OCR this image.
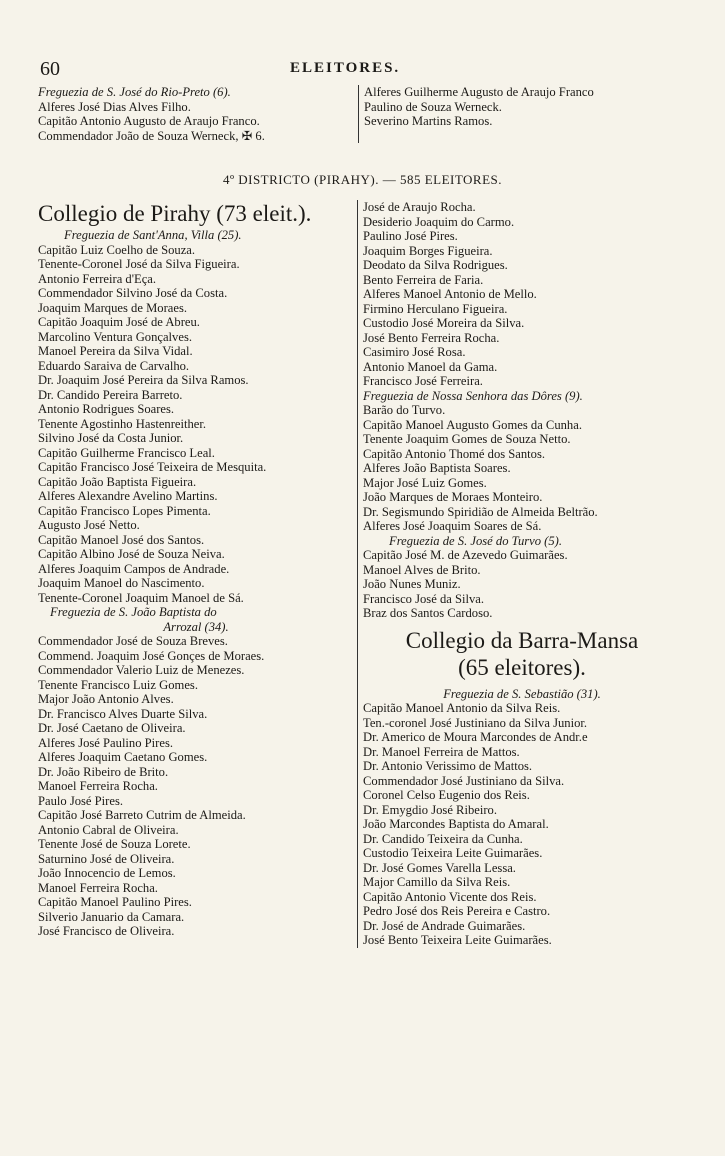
60	ELEITORES.
Freguezia de S. José do Rio-Preto (6).
Alferes José Dias Alves Filho.
Capitão Antonio Augusto de Araujo Franco.
Commendador João de Souza Werneck, ✠ 6.
Alferes Guilherme Augusto de Araujo Franco
Paulino de Souza Werneck.
Severino Martins Ramos.
4º DISTRICTO (PIRAHY). — 585 ELEITORES.
Collegio de Pirahy (73 eleit.).
Freguezia de Sant'Anna, Villa (25).
Capitão Luiz Coelho de Souza.
Tenente-Coronel José da Silva Figueira.
Antonio Ferreira d'Eça.
Commendador Silvino José da Costa.
Joaquim Marques de Moraes.
Capitão Joaquim José de Abreu.
Marcolino Ventura Gonçalves.
Manoel Pereira da Silva Vidal.
Eduardo Saraiva de Carvalho.
Dr. Joaquim José Pereira da Silva Ramos.
Dr. Candido Pereira Barreto.
Antonio Rodrigues Soares.
Tenente Agostinho Hastenreither.
Silvino José da Costa Junior.
Capitão Guilherme Francisco Leal.
Capitão Francisco José Teixeira de Mesquita.
Capitão João Baptista Figueira.
Alferes Alexandre Avelino Martins.
Capitão Francisco Lopes Pimenta.
Augusto José Netto.
Capitão Manoel José dos Santos.
Capitão Albino José de Souza Neiva.
Alferes Joaquim Campos de Andrade.
Joaquim Manoel do Nascimento.
Tenente-Coronel Joaquim Manoel de Sá.
Freguezia de S. João Baptista do
Arrozal (34).
Commendador José de Souza Breves.
Commend. Joaquim José Gonçes de Moraes.
Commendador Valerio Luiz de Menezes.
Tenente Francisco Luiz Gomes.
Major João Antonio Alves.
Dr. Francisco Alves Duarte Silva.
Dr. José Caetano de Oliveira.
Alferes José Paulino Pires.
Alferes Joaquim Caetano Gomes.
Dr. João Ribeiro de Brito.
Manoel Ferreira Rocha.
Paulo José Pires.
Capitão José Barreto Cutrim de Almeida.
Antonio Cabral de Oliveira.
Tenente José de Souza Lorete.
Saturnino José de Oliveira.
João Innocencio de Lemos.
Manoel Ferreira Rocha.
Capitão Manoel Paulino Pires.
Silverio Januario da Camara.
José Francisco de Oliveira.
José de Araujo Rocha.
Desiderio Joaquim do Carmo.
Paulino José Pires.
Joaquim Borges Figueira.
Deodato da Silva Rodrigues.
Bento Ferreira de Faria.
Alferes Manoel Antonio de Mello.
Firmino Herculano Figueira.
Custodio José Moreira da Silva.
José Bento Ferreira Rocha.
Casimiro José Rosa.
Antonio Manoel da Gama.
Francisco José Ferreira.
Freguezia de Nossa Senhora das Dôres (9).
Barão do Turvo.
Capitão Manoel Augusto Gomes da Cunha.
Tenente Joaquim Gomes de Souza Netto.
Capitão Antonio Thomé dos Santos.
Alferes João Baptista Soares.
Major José Luiz Gomes.
João Marques de Moraes Monteiro.
Dr. Segismundo Spiridião de Almeida Beltrão.
Alferes José Joaquim Soares de Sá.
Freguezia de S. José do Turvo (5).
Capitão José M. de Azevedo Guimarães.
Manoel Alves de Brito.
João Nunes Muniz.
Francisco José da Silva.
Braz dos Santos Cardoso.
Collegio da Barra-Mansa
(65 eleitores).
Freguezia de S. Sebastião (31).
Capitão Manoel Antonio da Silva Reis.
Ten.-coronel José Justiniano da Silva Junior.
Dr. Americo de Moura Marcondes de Andr.e
Dr. Manoel Ferreira de Mattos.
Dr. Antonio Verissimo de Mattos.
Commendador José Justiniano da Silva.
Coronel Celso Eugenio dos Reis.
Dr. Emygdio José Ribeiro.
João Marcondes Baptista do Amaral.
Dr. Candido Teixeira da Cunha.
Custodio Teixeira Leite Guimarães.
Dr. José Gomes Varella Lessa.
Major Camillo da Silva Reis.
Capitão Antonio Vicente dos Reis.
Pedro José dos Reis Pereira e Castro.
Dr. José de Andrade Guimarães.
José Bento Teixeira Leite Guimarães.
